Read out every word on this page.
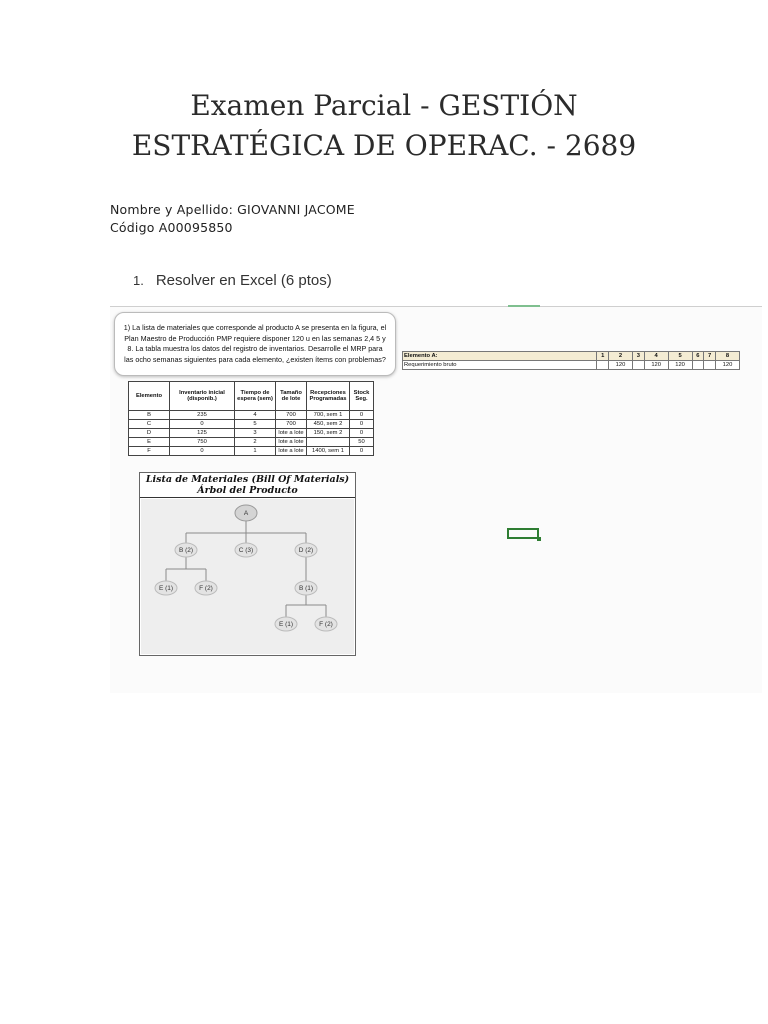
Examen Parcial - GESTIÓN
ESTRATÉGICA DE OPERAC. - 2689
Nombre y Apellido: GIOVANNI JACOME
Código A00095850
1. Resolver en Excel (6 ptos)
1) La lista de materiales que corresponde al producto A se presenta en la figura, el
Plan Maestro de Producción PMP requiere disponer 120 u en las semanas 2,4 5 y
8. La tabla muestra los datos del registro de inventarios. Desarrolle el MRP para
las ocho semanas siguientes para cada elemento, ¿existen ítems con problemas?
Elemento	Inventario inicial (disponib.)	Tiempo de espera (sem)	Tamaño de lote	Recepciones Programadas	Stock Seg.
B	235	4	700	700, sem 1	0
C	0	5	700	450, sem 2	0
D	125	3	lote a lote	150, sem 2	0
E	750	2	lote a lote		50
F	0	1	lote a lote	1400, sem 1	0
Elemento A:	1	2	3	4	5	6	7	8
Requerimiento bruto		120		120	120			120
Lista de Materiales (Bill Of Materials)
Árbol del Producto
A
B (2)	C (3)	D (2)
E (1)	F (2)	B (1)
E (1)	F (2)
